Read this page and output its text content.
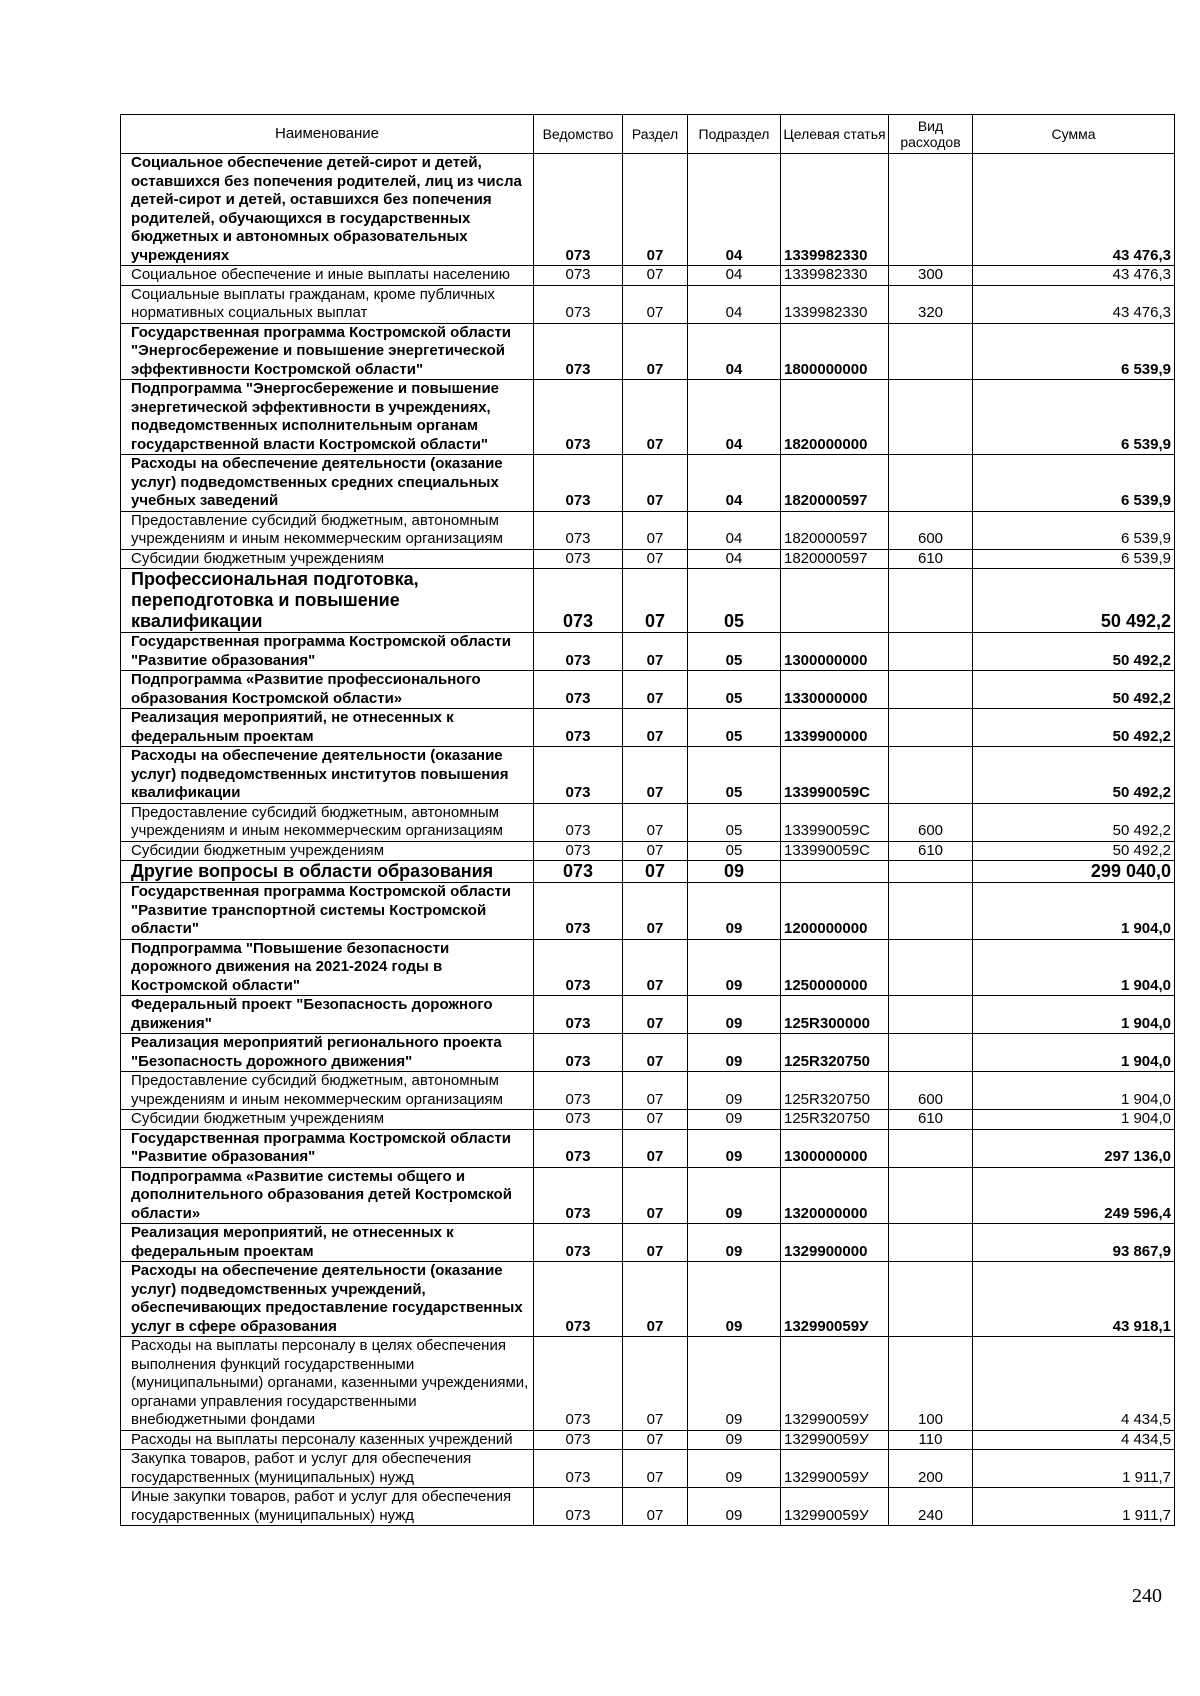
Наименование	Ведомство	Раздел	Подраздел	Целевая статья	Вид расходов	Сумма
Социальное обеспечение детей-сирот и детей, оставшихся без попечения родителей, лиц из числа детей-сирот и детей, оставшихся без попечения родителей, обучающихся в государственных бюджетных и автономных образовательных учреждениях	073	07	04	1339982330		43 476,3
Социальное обеспечение и иные выплаты населению	073	07	04	1339982330	300	43 476,3
Социальные выплаты гражданам, кроме публичных нормативных социальных выплат	073	07	04	1339982330	320	43 476,3
Государственная программа Костромской области "Энергосбережение и повышение энергетической эффективности Костромской области"	073	07	04	1800000000		6 539,9
Подпрограмма "Энергосбережение и повышение энергетической эффективности в учреждениях, подведомственных исполнительным органам государственной власти Костромской области"	073	07	04	1820000000		6 539,9
Расходы на обеспечение деятельности (оказание услуг) подведомственных средних специальных учебных заведений	073	07	04	1820000597		6 539,9
Предоставление субсидий бюджетным, автономным учреждениям и иным некоммерческим организациям	073	07	04	1820000597	600	6 539,9
Субсидии бюджетным учреждениям	073	07	04	1820000597	610	6 539,9
Профессиональная подготовка, переподготовка и повышение квалификации	073	07	05			50 492,2
Государственная программа Костромской области "Развитие образования"	073	07	05	1300000000		50 492,2
Подпрограмма «Развитие профессионального образования Костромской области»	073	07	05	1330000000		50 492,2
Реализация мероприятий, не отнесенных к федеральным проектам	073	07	05	1339900000		50 492,2
Расходы на обеспечение деятельности (оказание услуг) подведомственных институтов повышения квалификации	073	07	05	133990059С		50 492,2
Предоставление субсидий бюджетным, автономным учреждениям и иным некоммерческим организациям	073	07	05	133990059С	600	50 492,2
Субсидии бюджетным учреждениям	073	07	05	133990059С	610	50 492,2
Другие вопросы в области образования	073	07	09			299 040,0
Государственная программа Костромской области "Развитие транспортной системы Костромской области"	073	07	09	1200000000		1 904,0
Подпрограмма "Повышение безопасности дорожного движения на 2021-2024 годы в Костромской области"	073	07	09	1250000000		1 904,0
Федеральный проект "Безопасность дорожного движения"	073	07	09	125R300000		1 904,0
Реализация мероприятий регионального проекта "Безопасность дорожного движения"	073	07	09	125R320750		1 904,0
Предоставление субсидий бюджетным, автономным учреждениям и иным некоммерческим организациям	073	07	09	125R320750	600	1 904,0
Субсидии бюджетным учреждениям	073	07	09	125R320750	610	1 904,0
Государственная программа Костромской области "Развитие образования"	073	07	09	1300000000		297 136,0
Подпрограмма «Развитие системы общего и дополнительного образования детей Костромской области»	073	07	09	1320000000		249 596,4
Реализация мероприятий, не отнесенных к федеральным проектам	073	07	09	1329900000		93 867,9
Расходы на обеспечение деятельности (оказание услуг) подведомственных учреждений, обеспечивающих предоставление государственных услуг в сфере образования	073	07	09	132990059У		43 918,1
Расходы на выплаты персоналу в целях обеспечения выполнения функций государственными (муниципальными) органами, казенными учреждениями, органами управления государственными внебюджетными фондами	073	07	09	132990059У	100	4 434,5
Расходы на выплаты персоналу казенных учреждений	073	07	09	132990059У	110	4 434,5
Закупка товаров, работ и услуг для обеспечения государственных (муниципальных) нужд	073	07	09	132990059У	200	1 911,7
Иные закупки товаров, работ и услуг для обеспечения государственных (муниципальных) нужд	073	07	09	132990059У	240	1 911,7
240
